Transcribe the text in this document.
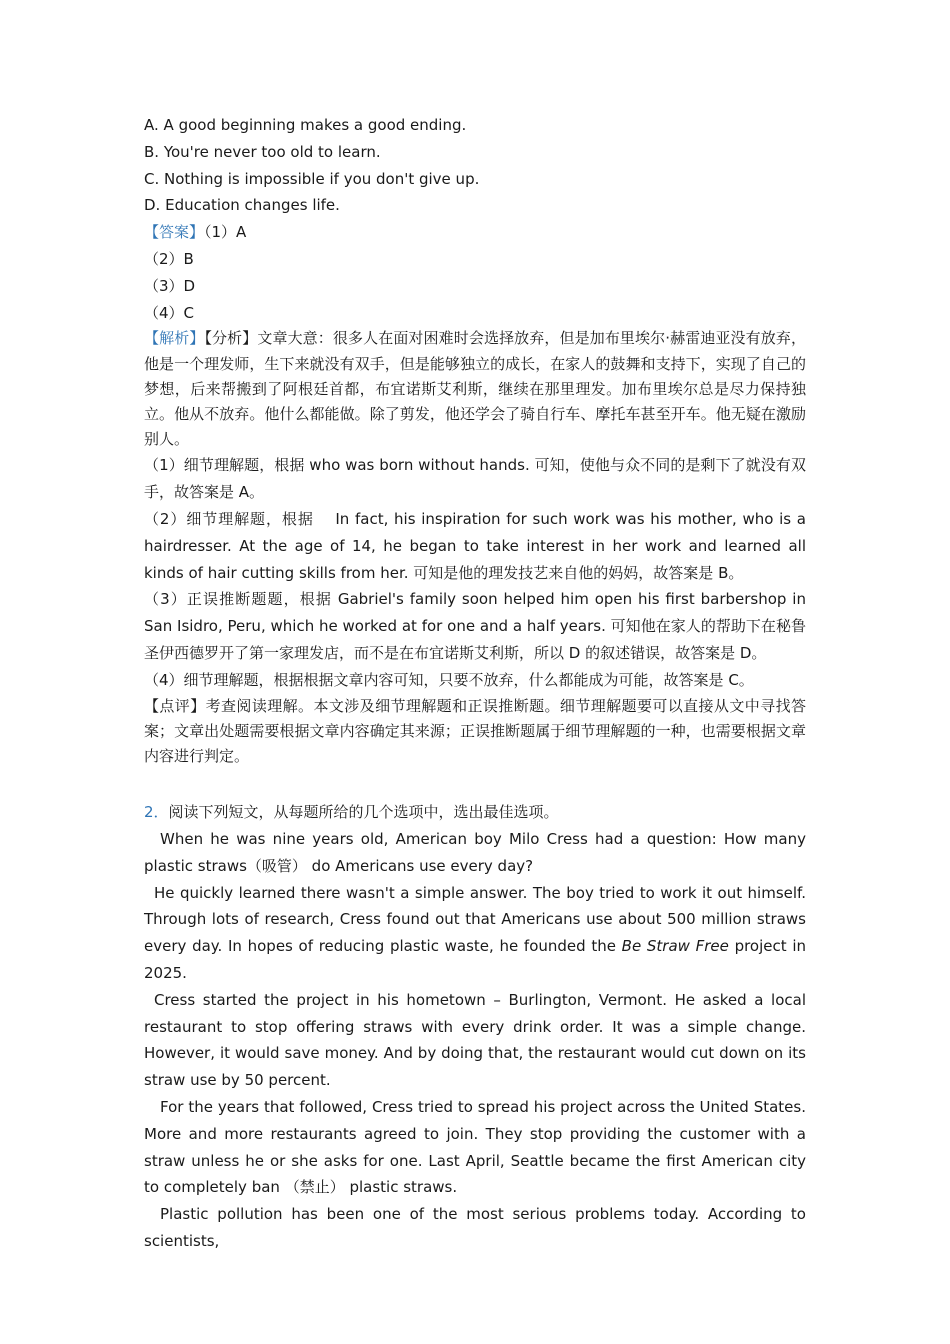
A. A good beginning makes a good ending.

B. You're never too old to learn.

C. Nothing is impossible if you don't give up.

D. Education changes life.

【答案】（1）A

（2）B

（3）D

（4）C

【解析】【分析】文章大意：很多人在面对困难时会选择放弃，但是加布里埃尔·赫雷迪亚没有放弃，他是一个理发师，生下来就没有双手，但是能够独立的成长，在家人的鼓舞和支持下，实现了自己的梦想，后来帮搬到了阿根廷首都，布宜诺斯艾利斯，继续在那里理发。加布里埃尔总是尽力保持独立。他从不放弃。他什么都能做。除了剪发，他还学会了骑自行车、摩托车甚至开车。他无疑在激励别人。

（1）细节理解题，根据 who was born without hands. 可知，使他与众不同的是剩下了就没有双手，故答案是 A。

（2）细节理解题，根据　 In fact, his inspiration for such work was his mother, who is a hairdresser. At the age of 14, he began to take interest in her work and learned all kinds of hair cutting skills from her. 可知是他的理发技艺来自他的妈妈，故答案是 B。

（3）正误推断题题，根据 Gabriel's family soon helped him open his first barbershop in San Isidro, Peru, which he worked at for one and a half years. 可知他在家人的帮助下在秘鲁圣伊西德罗开了第一家理发店，而不是在布宜诺斯艾利斯，所以 D 的叙述错误，故答案是 D。

（4）细节理解题，根据根据文章内容可知，只要不放弃，什么都能成为可能，故答案是 C。

【点评】考查阅读理解。本文涉及细节理解题和正误推断题。细节理解题要可以直接从文中寻找答案；文章出处题需要根据文章内容确定其来源；正误推断题属于细节理解题的一种，也需要根据文章内容进行判定。

2．阅读下列短文，从每题所给的几个选项中，选出最佳选项。

When he was nine years old, American boy Milo Cress had a question: How many plastic straws（吸管） do Americans use every day?

He quickly learned there wasn't a simple answer. The boy tried to work it out himself. Through lots of research, Cress found out that Americans use about 500 million straws every day. In hopes of reducing plastic waste, he founded the Be Straw Free project in 2025.

Cress started the project in his hometown – Burlington, Vermont. He asked a local restaurant to stop offering straws with every drink order. It was a simple change. However, it would save money. And by doing that, the restaurant would cut down on its straw use by 50 percent.

For the years that followed, Cress tried to spread his project across the United States. More and more restaurants agreed to join. They stop providing the customer with a straw unless he or she asks for one. Last April, Seattle became the first American city to completely ban （禁止） plastic straws.

Plastic pollution has been one of the most serious problems today. According to scientists,
